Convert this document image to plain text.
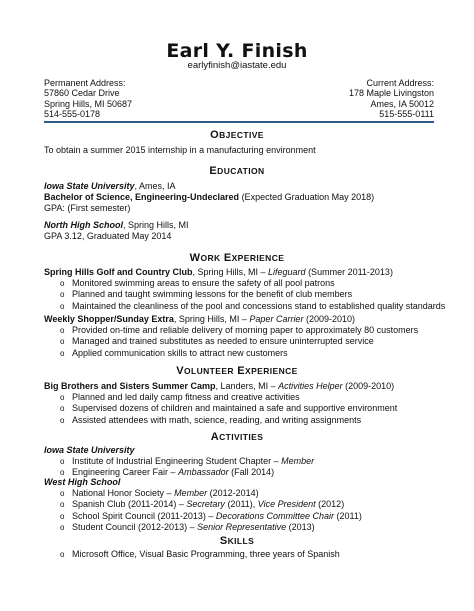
Earl Y. Finish
earlyfinish@iastate.edu
Permanent Address:
57860 Cedar Drive
Spring Hills, MI 50687
514-555-0178
Current Address:
178 Maple Livingston
Ames, IA 50012
515-555-0111
OBJECTIVE
To obtain a summer 2015 internship in a manufacturing environment
EDUCATION
Iowa State University, Ames, IA
Bachelor of Science, Engineering-Undeclared (Expected Graduation May 2018)
GPA: (First semester)
North High School, Spring Hills, MI
GPA 3.12, Graduated May 2014
WORK EXPERIENCE
Spring Hills Golf and Country Club, Spring Hills, MI – Lifeguard (Summer 2011-2013)
o Monitored swimming areas to ensure the safety of all pool patrons
o Planned and taught swimming lessons for the benefit of club members
o Maintained the cleanliness of the pool and concessions stand to established quality standards
Weekly Shopper/Sunday Extra, Spring Hills, MI – Paper Carrier (2009-2010)
o Provided on-time and reliable delivery of morning paper to approximately 80 customers
o Managed and trained substitutes as needed to ensure uninterrupted service
o Applied communication skills to attract new customers
VOLUNTEER EXPERIENCE
Big Brothers and Sisters Summer Camp, Landers, MI – Activities Helper (2009-2010)
o Planned and led daily camp fitness and creative activities
o Supervised dozens of children and maintained a safe and supportive environment
o Assisted attendees with math, science, reading, and writing assignments
ACTIVITIES
Iowa State University
o Institute of Industrial Engineering Student Chapter – Member
o Engineering Career Fair – Ambassador (Fall 2014)
West High School
o National Honor Society – Member (2012-2014)
o Spanish Club (2011-2014) – Secretary (2011), Vice President (2012)
o School Spirit Council (2011-2013) – Decorations Committee Chair (2011)
o Student Council (2012-2013) – Senior Representative (2013)
SKILLS
o Microsoft Office, Visual Basic Programming, three years of Spanish
